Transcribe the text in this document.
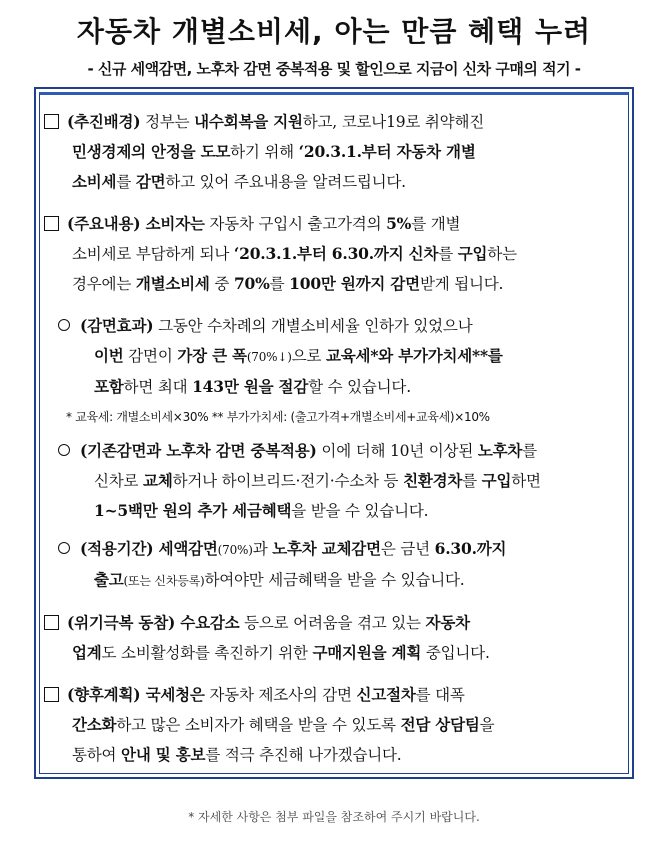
자동차 개별소비세, 아는 만큼 혜택 누려
- 신규 세액감면, 노후차 감면 중복적용 및 할인으로 지금이 신차 구매의 적기 -
(추진배경) 정부는 내수회복을 지원하고, 코로나19로 취약해진
민생경제의 안정을 도모하기 위해 ‘20.3.1.부터 자동차 개별
소비세를 감면하고 있어 주요내용을 알려드립니다.
(주요내용) 소비자는 자동차 구입시 출고가격의 5%를 개별
소비세로 부담하게 되나 ‘20.3.1.부터 6.30.까지 신차를 구입하는
경우에는 개별소비세 중 70%를 100만 원까지 감면받게 됩니다.
(감면효과) 그동안 수차례의 개별소비세율 인하가 있었으나
이번 감면이 가장 큰 폭(70%↓)으로 교육세*와 부가가치세**를
포함하면 최대 143만 원을 절감할 수 있습니다.
* 교육세: 개별소비세×30% ** 부가가치세: (출고가격+개별소비세+교육세)×10%
(기존감면과 노후차 감면 중복적용) 이에 더해 10년 이상된 노후차를
신차로 교체하거나 하이브리드·전기·수소차 등 친환경차를 구입하면
1~5백만 원의 추가 세금혜택을 받을 수 있습니다.
(적용기간) 세액감면(70%)과 노후차 교체감면은 금년 6.30.까지
출고(또는 신차등록)하여야만 세금혜택을 받을 수 있습니다.
(위기극복 동참) 수요감소 등으로 어려움을 겪고 있는 자동차
업계도 소비활성화를 촉진하기 위한 구매지원을 계획 중입니다.
(향후계획) 국세청은 자동차 제조사의 감면 신고절차를 대폭
간소화하고 많은 소비자가 혜택을 받을 수 있도록 전담 상담팀을
통하여 안내 및 홍보를 적극 추진해 나가겠습니다.
* 자세한 사항은 첨부 파일을 참조하여 주시기 바랍니다.
